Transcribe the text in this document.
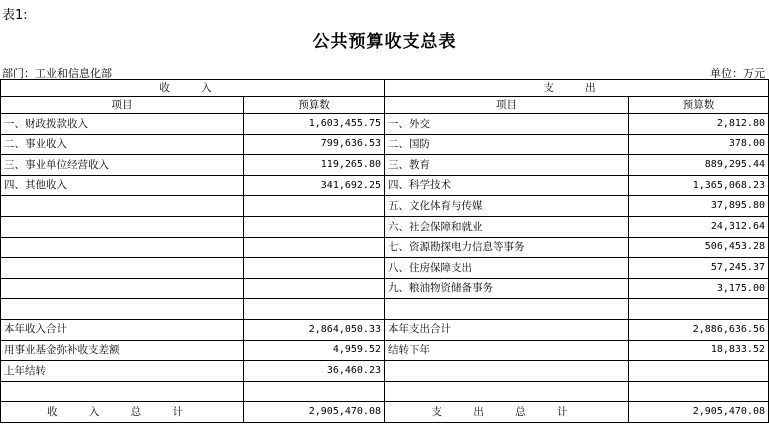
表1:
公共预算收支总表
部门：工业和信息化部	单位：万元
收 入		支 出	
项目	预算数	项目	预算数
一、财政拨款收入	1,603,455.75	一、外交	2,812.80
二、事业收入	799,636.53	二、国防	378.00
三、事业单位经营收入	119,265.80	三、教育	889,295.44
四、其他收入	341,692.25	四、科学技术	1,365,068.23
		五、文化体育与传媒	37,895.80
		六、社会保障和就业	24,312.64
		七、资源勘探电力信息等事务	506,453.28
		八、住房保障支出	57,245.37
		九、粮油物资储备事务	3,175.00

本年收入合计	2,864,050.33	本年支出合计	2,886,636.56
用事业基金弥补收支差额	4,959.52	结转下年	18,833.52
上年结转	36,460.23		

收 入 总 计	2,905,470.08	支 出 总 计	2,905,470.08
